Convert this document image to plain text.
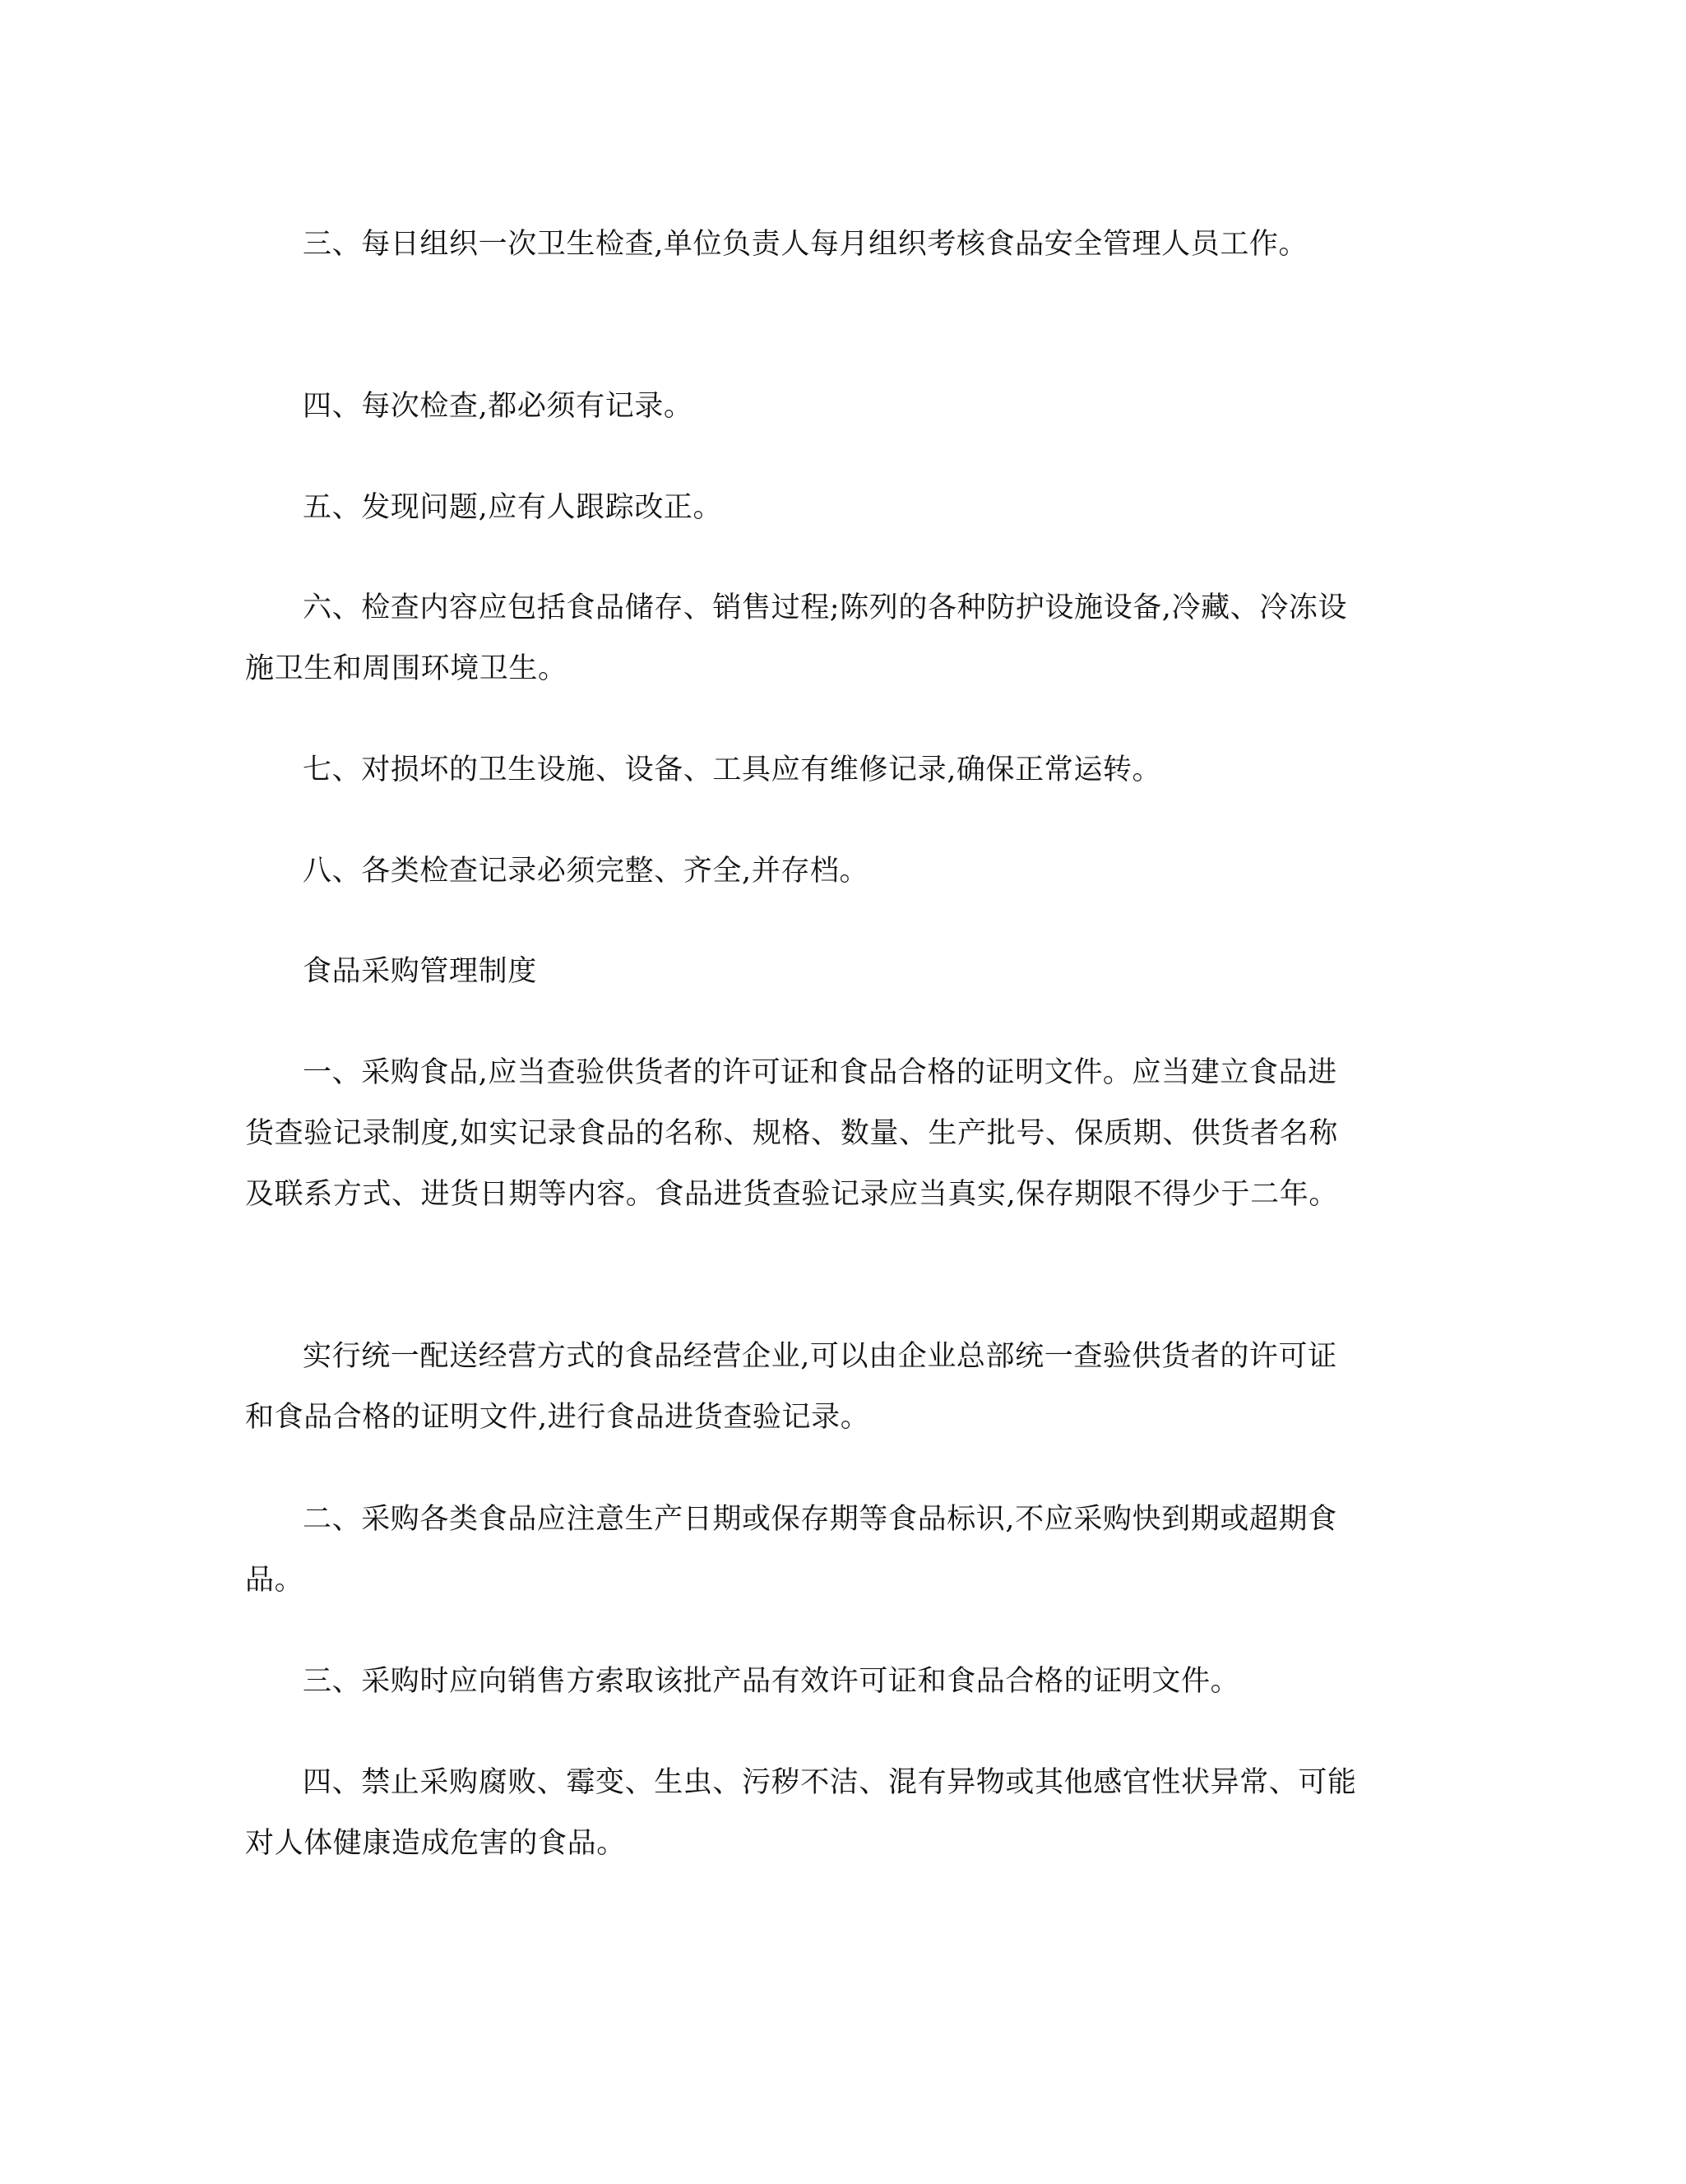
三、每日组织一次卫生检查,单位负责人每月组织考核食品安全管理人员工作。

四、每次检查,都必须有记录。

五、发现问题,应有人跟踪改正。

六、检查内容应包括食品储存、销售过程;陈列的各种防护设施设备,冷藏、冷冻设施卫生和周围环境卫生。

七、对损坏的卫生设施、设备、工具应有维修记录,确保正常运转。

八、各类检查记录必须完整、齐全,并存档。

食品采购管理制度

一、采购食品,应当查验供货者的许可证和食品合格的证明文件。应当建立食品进货查验记录制度,如实记录食品的名称、规格、数量、生产批号、保质期、供货者名称及联系方式、进货日期等内容。食品进货查验记录应当真实,保存期限不得少于二年。

实行统一配送经营方式的食品经营企业,可以由企业总部统一查验供货者的许可证和食品合格的证明文件,进行食品进货查验记录。

二、采购各类食品应注意生产日期或保存期等食品标识,不应采购快到期或超期食品。

三、采购时应向销售方索取该批产品有效许可证和食品合格的证明文件。

四、禁止采购腐败、霉变、生虫、污秽不洁、混有异物或其他感官性状异常、可能对人体健康造成危害的食品。
